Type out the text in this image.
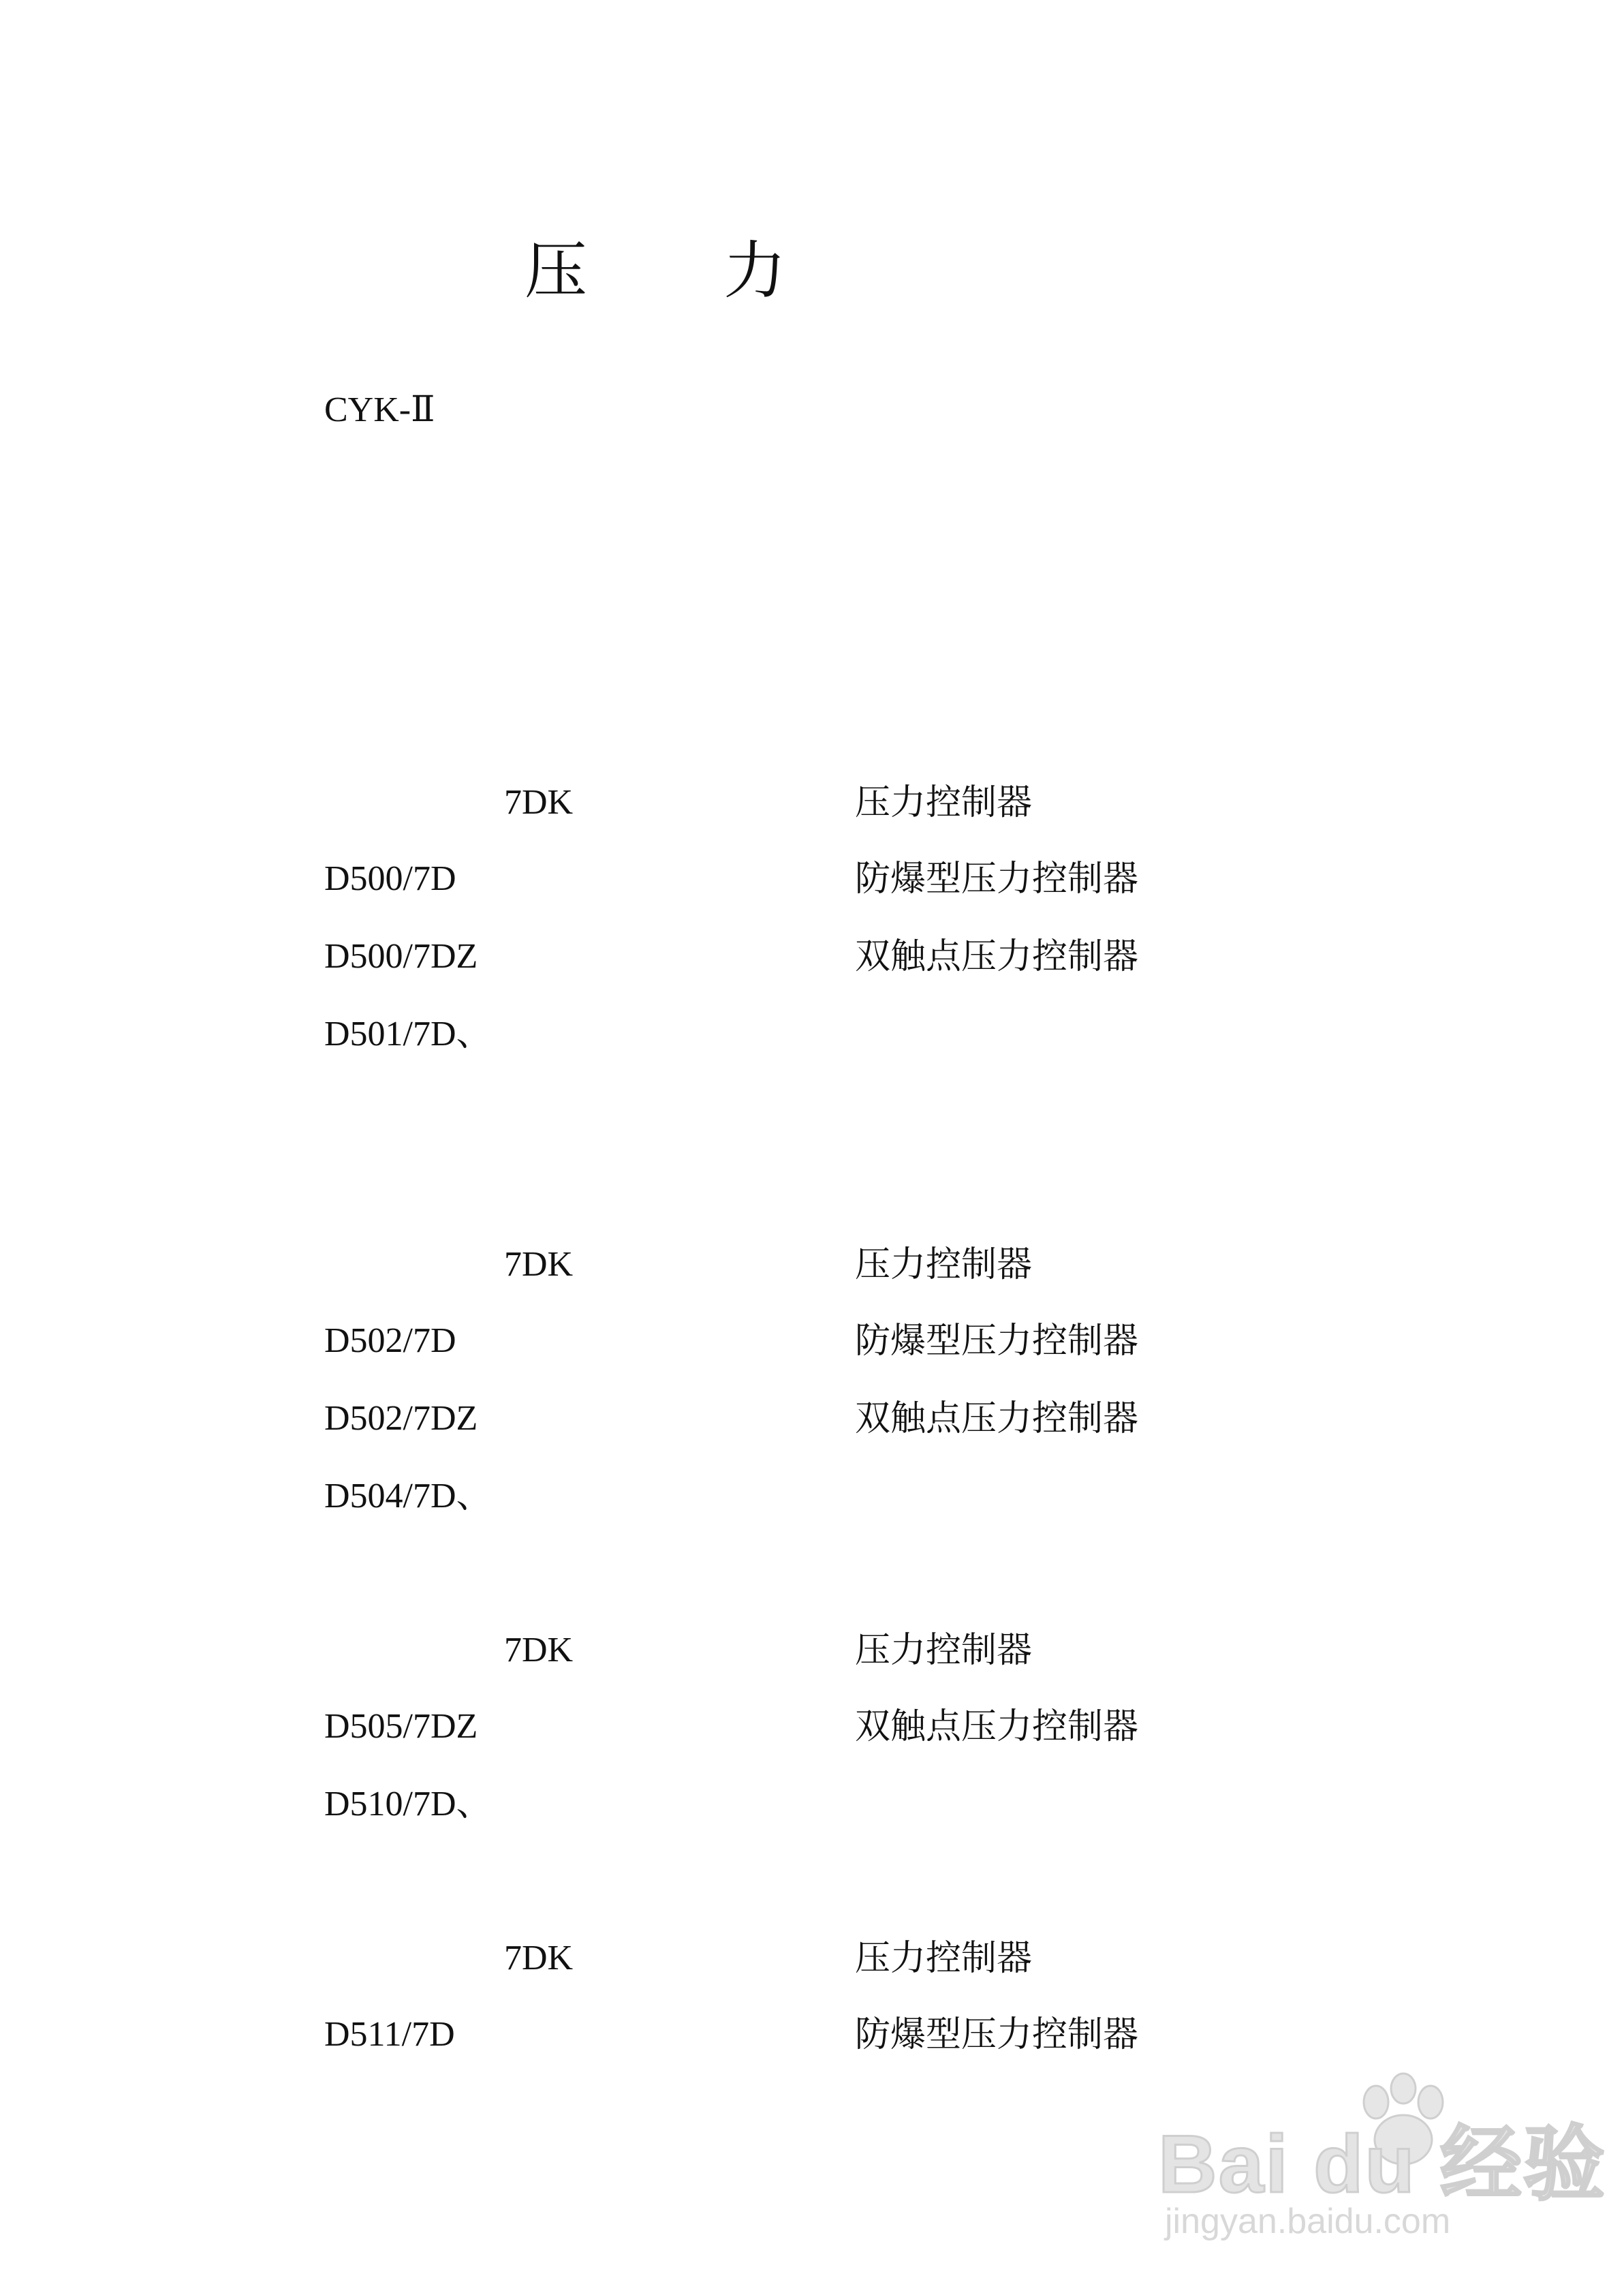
压 力
CYK-Ⅱ
7DK	压力控制器
D500/7D	防爆型压力控制器
D500/7DZ	双触点压力控制器
D501/7D、
7DK	压力控制器
D502/7D	防爆型压力控制器
D502/7DZ	双触点压力控制器
D504/7D、
7DK	压力控制器
D505/7DZ	双触点压力控制器
D510/7D、
7DK	压力控制器
D511/7D	防爆型压力控制器
Bai du 经验
jingyan.baidu.com
